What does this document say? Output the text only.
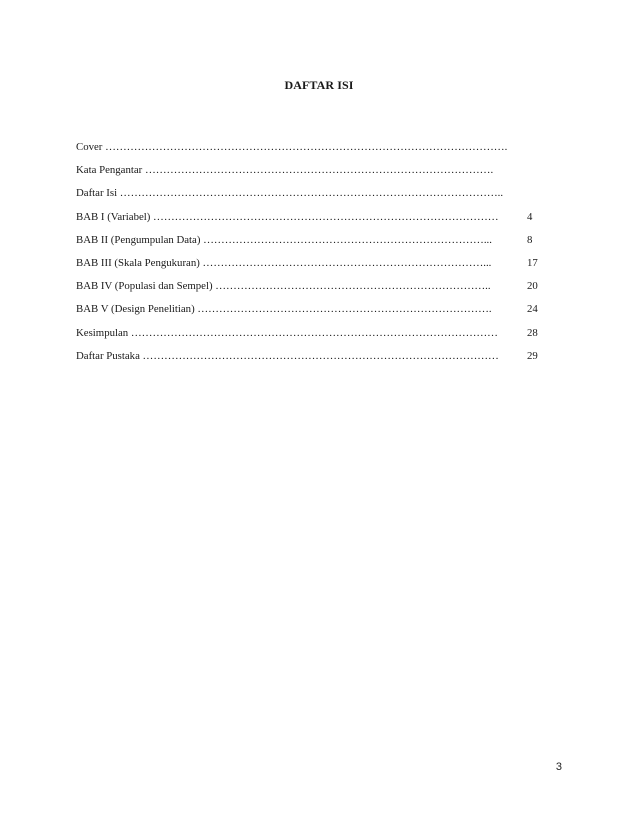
DAFTAR ISI
Cover ………………………………………………………………………………………………….
Kata Pengantar …………………………………………………………………………………….
Daftar Isi ……………………………………………………………………………………………..
BAB I (Variabel) ……………………………………………………………………………………	4
BAB II (Pengumpulan Data) ……………………………………………………………………...	8
BAB III (Skala Pengukuran) ……………………………………………………………………...	17
BAB IV (Populasi dan Sempel) …………………………………………………………………..	20
BAB V (Design Penelitian) ……………………………………………………………………….	24
Kesimpulan …………………………………………………………………………………………	28
Daftar Pustaka ………………………………………………………………………………………	29
3
